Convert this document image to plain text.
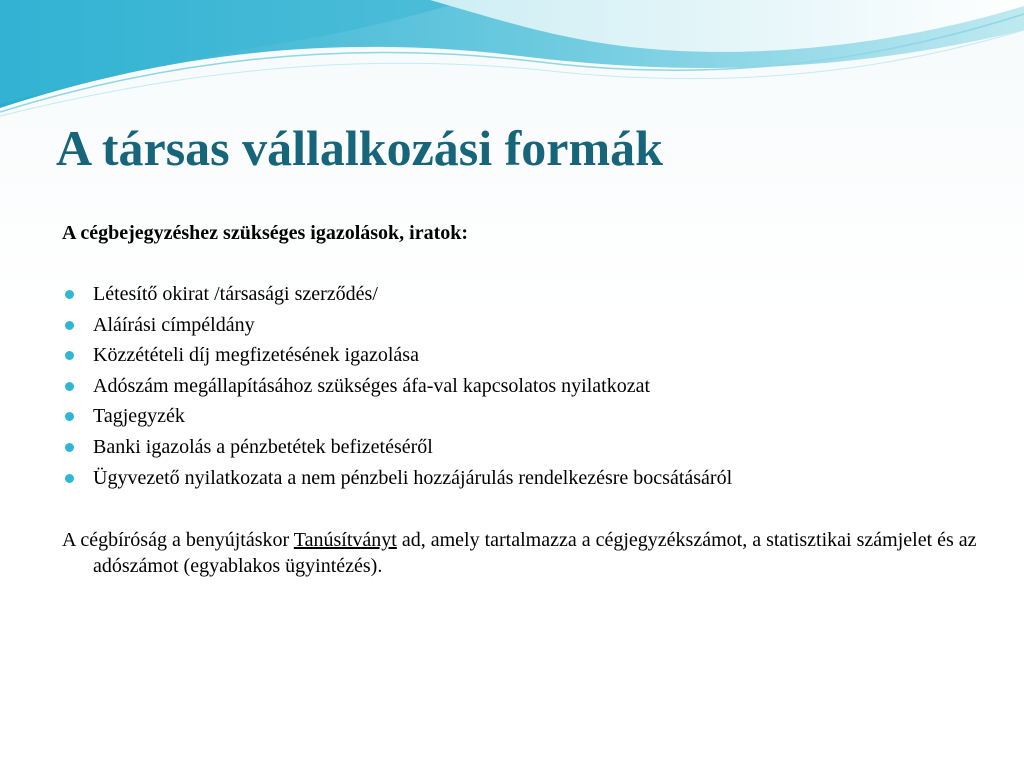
A társas vállalkozási formák

A cégbejegyzéshez szükséges igazolások, iratok:

Létesítő okirat /társasági szerződés/
Aláírási címpéldány
Közzétételi díj megfizetésének igazolása
Adószám megállapításához szükséges áfa-val kapcsolatos nyilatkozat
Tagjegyzék
Banki igazolás a pénzbetétek befizetéséről
Ügyvezető nyilatkozata a nem pénzbeli hozzájárulás rendelkezésre bocsátásáról

A cégbíróság a benyújtáskor Tanúsítványt ad, amely tartalmazza a cégjegyzékszámot, a statisztikai számjelet és az adószámot (egyablakos ügyintézés).
